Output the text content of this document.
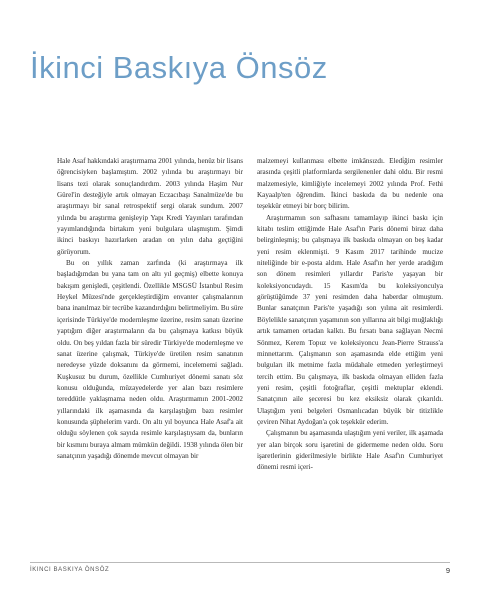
İkinci Baskıya Önsöz

Hale Asaf hakkındaki araştırmama 2001 yılında, henüz bir lisans öğrencisiyken başlamıştım. 2002 yılında bu araştırmayı bir lisans tezi olarak sonuçlandırdım. 2003 yılında Haşim Nur Gürel'in desteğiyle artık olmayan Eczacıbaşı Sanalmüze'de bu araştırmayı bir sanal retrospektif sergi olarak sundum. 2007 yılında bu araştırma genişleyip Yapı Kredi Yayınları tarafından yayımlandığında birtakım yeni bulgulara ulaşmıştım. Şimdi ikinci baskıyı hazırlarken aradan on yılın daha geçtiğini görüyorum.

Bu on yıllık zaman zarfında (ki araştırmaya ilk başladığımdan bu yana tam on altı yıl geçmiş) elbette konuya bakışım genişledi, çeşitlendi. Özellikle MSGSÜ İstanbul Resim Heykel Müzesi'nde gerçekleştirdiğim envanter çalışmalarının bana inanılmaz bir tecrübe kazandırdığını belirtmeliyim. Bu süre içerisinde Türkiye'de modernleşme üzerine, resim sanatı üzerine yaptığım diğer araştırmaların da bu çalışmaya katkısı büyük oldu. On beş yıldan fazla bir süredir Türkiye'de modernleşme ve sanat üzerine çalışmak, Türkiye'de üretilen resim sanatının neredeyse yüzde doksanını da görmemi, incelememi sağladı. Kuşkusuz bu durum, özellikle Cumhuriyet dönemi sanatı söz konusu olduğunda, müzayedelerde yer alan bazı resimlere tereddütle yaklaşmama neden oldu. Araştırmamın 2001-2002 yıllarındaki ilk aşamasında da karşılaştığım bazı resimler konusunda şüphelerim vardı. On altı yıl boyunca Hale Asaf'a ait olduğu söylenen çok sayıda resimle karşılaştıysam da, bunların bir kısmını buraya almam mümkün değildi. 1938 yılında ölen bir sanatçının yaşadığı dönemde mevcut olmayan bir

malzemeyi kullanması elbette imkânsızdı. Eledi̇ğim resimler arasında çeşitli platformlarda sergilenenler dahi oldu. Bir resmi malzemesiyle, kimliğiyle incelemeyi 2002 yılında Prof. Fethi Kayaalp'ten öğrendim. İkinci baskıda da bu nedenle ona teşekkür etmeyi bir borç bilirim.

Araştırmamın son safhasını tamamlayıp ikinci baskı için kitabı teslim ettiğimde Hale Asaf'ın Paris dönemi biraz daha belirginleşmiş; bu çalışmaya ilk baskıda olmayan on beş kadar yeni resim eklenmişti. 9 Kasım 2017 tarihinde mucize niteliğinde bir e-posta aldım. Hale Asaf'ın her yerde aradığım son dönem resimleri yıllardır Paris'te yaşayan bir koleksiyoncudaydı. 15 Kasım'da bu koleksiyonculya görüştüğümde 37 yeni resimden daha haberdar olmuştum. Bunlar sanatçının Paris'te yaşadığı son yılına ait resimlerdi. Böylelikle sanatçının yaşamının son yıllarına ait bilgi muğlaklığı artık tamamen ortadan kalktı. Bu fırsatı bana sağlayan Necmi Sönmez, Kerem Topuz ve koleksiyoncu Jean-Pierre Strauss'a minnettarım. Çalışmanın son aşamasında elde ettiğim yeni bulguları ilk metnime fazla müdahale etmeden yerleştirmeyi tercih ettim. Bu çalışmaya, ilk baskıda olmayan elliden fazla yeni resim, çeşitli fotoğraflar, çeşitli mektuplar eklendi. Sanatçının aile şeceresi bu kez eksiksiz olarak çıkarıldı. Ulaştığım yeni belgeleri Osmanlıcadan büyük bir titizlikle çeviren Nihat Aydoğan'a çok teşekkür ederim.

Çalışmanın bu aşamasında ulaştığım yeni veriler, ilk aşamada yer alan birçok soru işaretini de gidermeme neden oldu. Soru işaretlerinin giderilmesiyle birlikte Hale Asaf'ın Cumhuriyet dönemi resmi içeri-

İKINCI BASKIYA ÖNSÖZ	9
